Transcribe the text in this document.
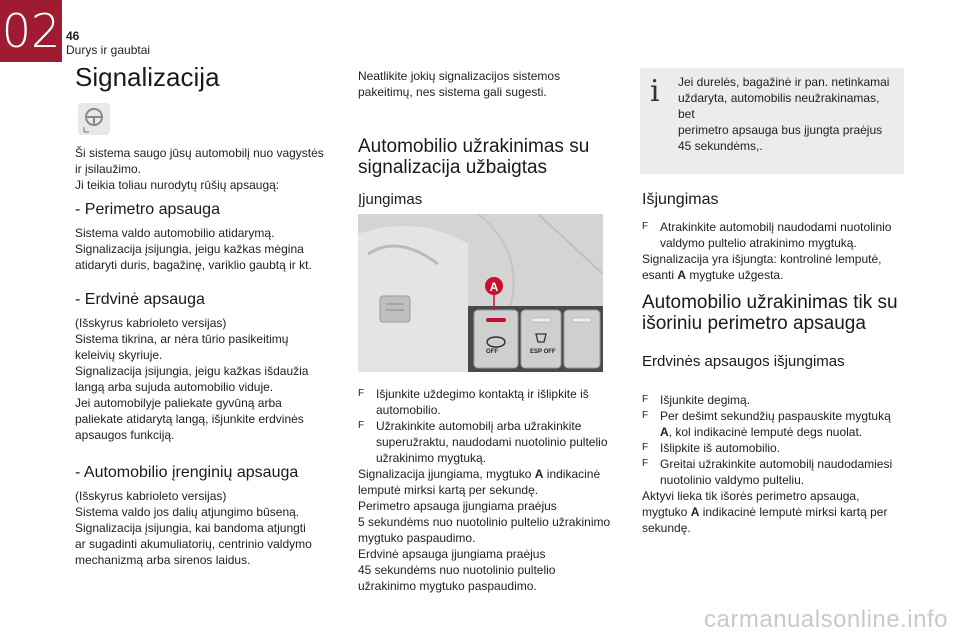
02 46
Durys ir gaubtai
Signalizacija

Ši sistema saugo jūsų automobilį nuo vagystės

ir įsilaužimo.

Ji teikia toliau nurodytų rūšių apsaugą:

- Perimetro apsauga

Sistema valdo automobilio atidarymą.

Signalizacija įsijungia, jeigu kažkas mėgina

atidaryti duris, bagažinę, variklio gaubtą ir kt.

- Erdvinė apsauga

(Išskyrus kabrioleto versijas)

Sistema tikrina, ar nėra tūrio pasikeitimų

keleivių skyriuje.

Signalizacija įsijungia, jeigu kažkas išdaužia

langą arba sujuda automobilio viduje.

Jei automobilyje paliekate gyvūną arba

paliekate atidarytą langą, išjunkite erdvinės

apsaugos funkciją.

- Automobilio įrenginių apsauga

(Išskyrus kabrioleto versijas)

Sistema valdo jos dalių atjungimo būseną.

Signalizacija įsijungia, kai bandoma atjungti

ar sugadinti akumuliatorių, centrinio valdymo

mechanizmą arba sirenos laidus.

Neatlikite jokių signalizacijos sistemos

pakeitimų, nes sistema gali sugesti.

Automobilio užrakinimas su
signalizacija užbaigtas
Įjungimas
A
OFF	ESP OFF
F Išjunkite uždegimo kontaktą ir išlipkite iš
automobilio.
F Užrakinkite automobilį arba užrakinkite
superužraktu, naudodami nuotolinio pultelio
užrakinimo mygtuką.

Signalizacija įjungiama, mygtuko A indikacinė

lemputė mirksi kartą per sekundę.

Perimetro apsauga įjungiama praėjus

5 sekundėms nuo nuotolinio pultelio užrakinimo

mygtuko paspaudimo.

Erdvinė apsauga įjungiama praėjus

45 sekundėms nuo nuotolinio pultelio

užrakinimo mygtuko paspaudimo.

i Jei durelės, bagažinė ir pan. netinkamai

uždaryta, automobilis neužrakinamas, bet

perimetro apsauga bus įjungta praėjus

45 sekundėms,.

Išjungimas
F Atrakinkite automobilį naudodami nuotolinio
valdymo pultelio atrakinimo mygtuką.

Signalizacija yra išjungta: kontrolinė lemputė,

esanti A mygtuke užgesta.

Automobilio užrakinimas tik su
išoriniu perimetro apsauga
Erdvinės apsaugos išjungimas
F Išjunkite degimą.
F Per dešimt sekundžių paspauskite mygtuką
A, kol indikacinė lemputė degs nuolat.
F Išlipkite iš automobilio.
F Greitai užrakinkite automobilį naudodamiesi
nuotolinio valdymo pulteliu.

Aktyvi lieka tik išorės perimetro apsauga,

mygtuko A indikacinė lemputė mirksi kartą per

sekundę.

carmanualsonline.info
